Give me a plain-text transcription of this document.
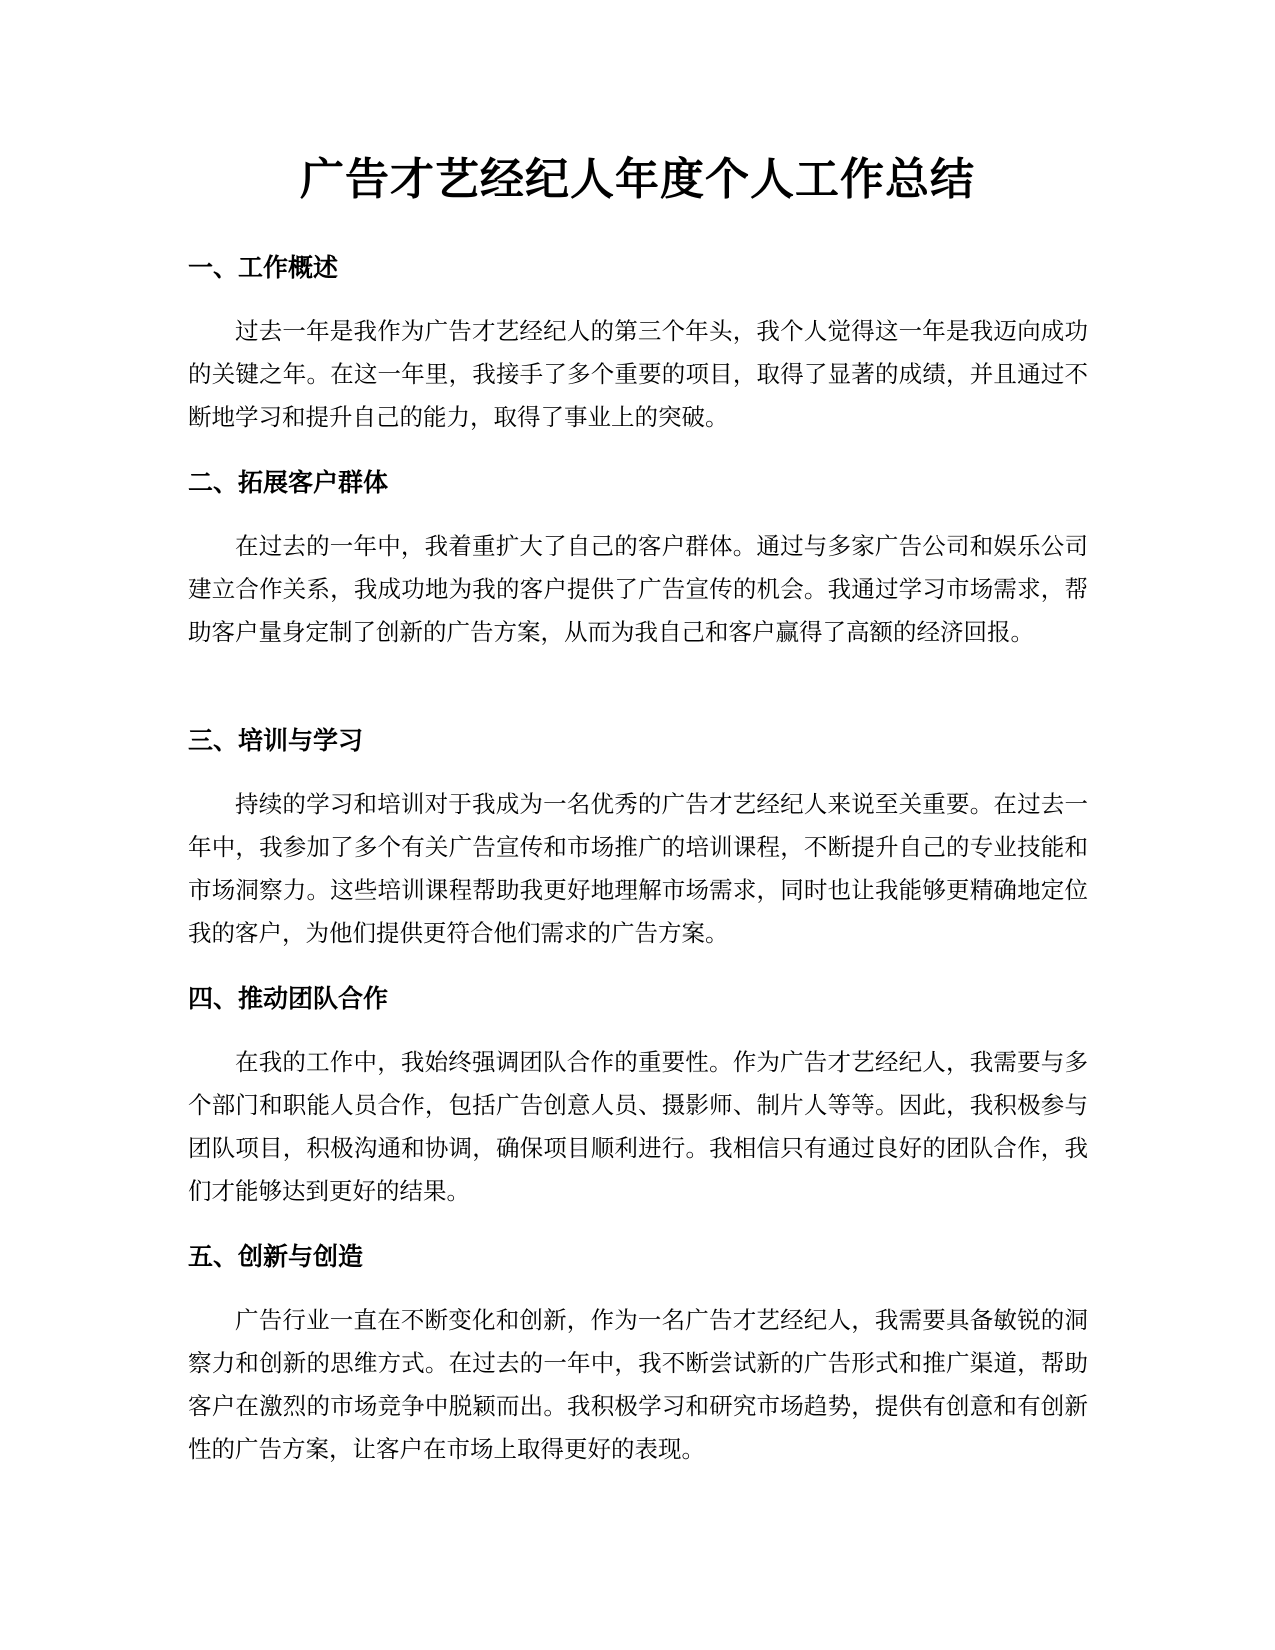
广告才艺经纪人年度个人工作总结
一、工作概述

过去一年是我作为广告才艺经纪人的第三个年头，我个人觉得这一年是我迈向成功的关键之年。在这一年里，我接手了多个重要的项目，取得了显著的成绩，并且通过不断地学习和提升自己的能力，取得了事业上的突破。

二、拓展客户群体

在过去的一年中，我着重扩大了自己的客户群体。通过与多家广告公司和娱乐公司建立合作关系，我成功地为我的客户提供了广告宣传的机会。我通过学习市场需求，帮助客户量身定制了创新的广告方案，从而为我自己和客户赢得了高额的经济回报。

三、培训与学习

持续的学习和培训对于我成为一名优秀的广告才艺经纪人来说至关重要。在过去一年中，我参加了多个有关广告宣传和市场推广的培训课程，不断提升自己的专业技能和市场洞察力。这些培训课程帮助我更好地理解市场需求，同时也让我能够更精确地定位我的客户，为他们提供更符合他们需求的广告方案。

四、推动团队合作

在我的工作中，我始终强调团队合作的重要性。作为广告才艺经纪人，我需要与多个部门和职能人员合作，包括广告创意人员、摄影师、制片人等等。因此，我积极参与团队项目，积极沟通和协调，确保项目顺利进行。我相信只有通过良好的团队合作，我们才能够达到更好的结果。

五、创新与创造

广告行业一直在不断变化和创新，作为一名广告才艺经纪人，我需要具备敏锐的洞察力和创新的思维方式。在过去的一年中，我不断尝试新的广告形式和推广渠道，帮助客户在激烈的市场竞争中脱颖而出。我积极学习和研究市场趋势，提供有创意和有创新性的广告方案，让客户在市场上取得更好的表现。
